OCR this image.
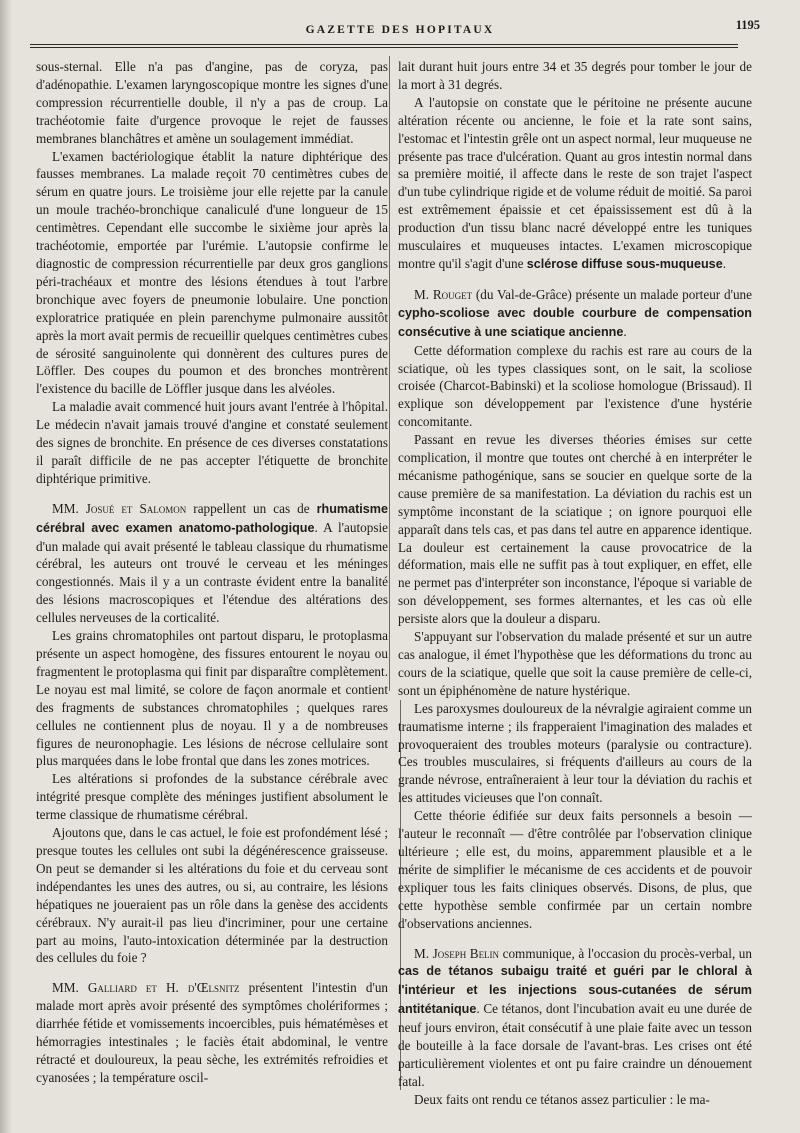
GAZETTE DES HOPITAUX	1195

sous-sternal. Elle n'a pas d'angine, pas de coryza, pas d'adénopathie. L'examen laryngoscopique montre les signes d'une compression récurrentielle double, il n'y a pas de croup. La trachéotomie faite d'urgence provoque le rejet de fausses membranes blanchâtres et amène un soulagement immédiat.

L'examen bactériologique établit la nature diphtérique des fausses membranes. La malade reçoit 70 centimètres cubes de sérum en quatre jours. Le troisième jour elle rejette par la canule un moule trachéo-bronchique canaliculé d'une longueur de 15 centimètres. Cependant elle succombe le sixième jour après la trachéotomie, emportée par l'urémie. L'autopsie confirme le diagnostic de compression récurrentielle par deux gros ganglions péri-trachéaux et montre des lésions étendues à tout l'arbre bronchique avec foyers de pneumonie lobulaire. Une ponction exploratrice pratiquée en plein parenchyme pulmonaire aussitôt après la mort avait permis de recueillir quelques centimètres cubes de sérosité sanguinolente qui donnèrent des cultures pures de Löffler. Des coupes du poumon et des bronches montrèrent l'existence du bacille de Löffler jusque dans les alvéoles.

La maladie avait commencé huit jours avant l'entrée à l'hôpital. Le médecin n'avait jamais trouvé d'angine et constaté seulement des signes de bronchite. En présence de ces diverses constatations il paraît difficile de ne pas accepter l'étiquette de bronchite diphtérique primitive.

MM. Josué et Salomon rappellent un cas de rhumatisme cérébral avec examen anatomo-pathologique. A l'autopsie d'un malade qui avait présenté le tableau classique du rhumatisme cérébral, les auteurs ont trouvé le cerveau et les méninges congestionnés. Mais il y a un contraste évident entre la banalité des lésions macroscopiques et l'étendue des altérations des cellules nerveuses de la corticalité.

Les grains chromatophiles ont partout disparu, le protoplasma présente un aspect homogène, des fissures entourent le noyau ou fragmentent le protoplasma qui finit par disparaître complètement. Le noyau est mal limité, se colore de façon anormale et contient des fragments de substances chromatophiles ; quelques rares cellules ne contiennent plus de noyau. Il y a de nombreuses figures de neuronophagie. Les lésions de nécrose cellulaire sont plus marquées dans le lobe frontal que dans les zones motrices.

Les altérations si profondes de la substance cérébrale avec intégrité presque complète des méninges justifient absolument le terme classique de rhumatisme cérébral.

Ajoutons que, dans le cas actuel, le foie est profondément lésé ; presque toutes les cellules ont subi la dégénérescence graisseuse. On peut se demander si les altérations du foie et du cerveau sont indépendantes les unes des autres, ou si, au contraire, les lésions hépatiques ne joueraient pas un rôle dans la genèse des accidents cérébraux. N'y aurait-il pas lieu d'incriminer, pour une certaine part au moins, l'auto-intoxication déterminée par la destruction des cellules du foie ?

MM. Galliard et H. d'Œlsnitz présentent l'intestin d'un malade mort après avoir présenté des symptômes cholériformes ; diarrhée fétide et vomissements incoercibles, puis hématémèses et hémorragies intestinales ; le faciès était abdominal, le ventre rétracté et douloureux, la peau sèche, les extrémités refroidies et cyanosées ; la température oscil-

lait durant huit jours entre 34 et 35 degrés pour tomber le jour de la mort à 31 degrés.

A l'autopsie on constate que le péritoine ne présente aucune altération récente ou ancienne, le foie et la rate sont sains, l'estomac et l'intestin grêle ont un aspect normal, leur muqueuse ne présente pas trace d'ulcération. Quant au gros intestin normal dans sa première moitié, il affecte dans le reste de son trajet l'aspect d'un tube cylindrique rigide et de volume réduit de moitié. Sa paroi est extrêmement épaissie et cet épaississement est dû à la production d'un tissu blanc nacré développé entre les tuniques musculaires et muqueuses intactes. L'examen microscopique montre qu'il s'agit d'une sclérose diffuse sous-muqueuse.

M. Rouget (du Val-de-Grâce) présente un malade porteur d'une cypho-scoliose avec double courbure de compensation consécutive à une sciatique ancienne.

Cette déformation complexe du rachis est rare au cours de la sciatique, où les types classiques sont, on le sait, la scoliose croisée (Charcot-Babinski) et la scoliose homologue (Brissaud). Il explique son développement par l'existence d'une hystérie concomitante.

Passant en revue les diverses théories émises sur cette complication, il montre que toutes ont cherché à en interpréter le mécanisme pathogénique, sans se soucier en quelque sorte de la cause première de sa manifestation. La déviation du rachis est un symptôme inconstant de la sciatique ; on ignore pourquoi elle apparaît dans tels cas, et pas dans tel autre en apparence identique. La douleur est certainement la cause provocatrice de la déformation, mais elle ne suffit pas à tout expliquer, en effet, elle ne permet pas d'interpréter son inconstance, l'époque si variable de son développement, ses formes alternantes, et les cas où elle persiste alors que la douleur a disparu.

S'appuyant sur l'observation du malade présenté et sur un autre cas analogue, il émet l'hypothèse que les déformations du tronc au cours de la sciatique, quelle que soit la cause première de celle-ci, sont un épiphénomène de nature hystérique.

Les paroxysmes douloureux de la névralgie agiraient comme un traumatisme interne ; ils frapperaient l'imagination des malades et provoqueraient des troubles moteurs (paralysie ou contracture). Ces troubles musculaires, si fréquents d'ailleurs au cours de la grande névrose, entraîneraient à leur tour la déviation du rachis et les attitudes vicieuses que l'on connaît.

Cette théorie édifiée sur deux faits personnels a besoin — l'auteur le reconnaît — d'être contrôlée par l'observation clinique ultérieure ; elle est, du moins, apparemment plausible et a le mérite de simplifier le mécanisme de ces accidents et de pouvoir expliquer tous les faits cliniques observés. Disons, de plus, que cette hypothèse semble confirmée par un certain nombre d'observations anciennes.

M. Joseph Belin communique, à l'occasion du procès-verbal, un cas de tétanos subaigu traité et guéri par le chloral à l'intérieur et les injections sous-cutanées de sérum antitétanique. Ce tétanos, dont l'incubation avait eu une durée de neuf jours environ, était consécutif à une plaie faite avec un tesson de bouteille à la face dorsale de l'avant-bras. Les crises ont été particulièrement violentes et ont pu faire craindre un dénouement fatal.

Deux faits ont rendu ce tétanos assez particulier : le ma-
